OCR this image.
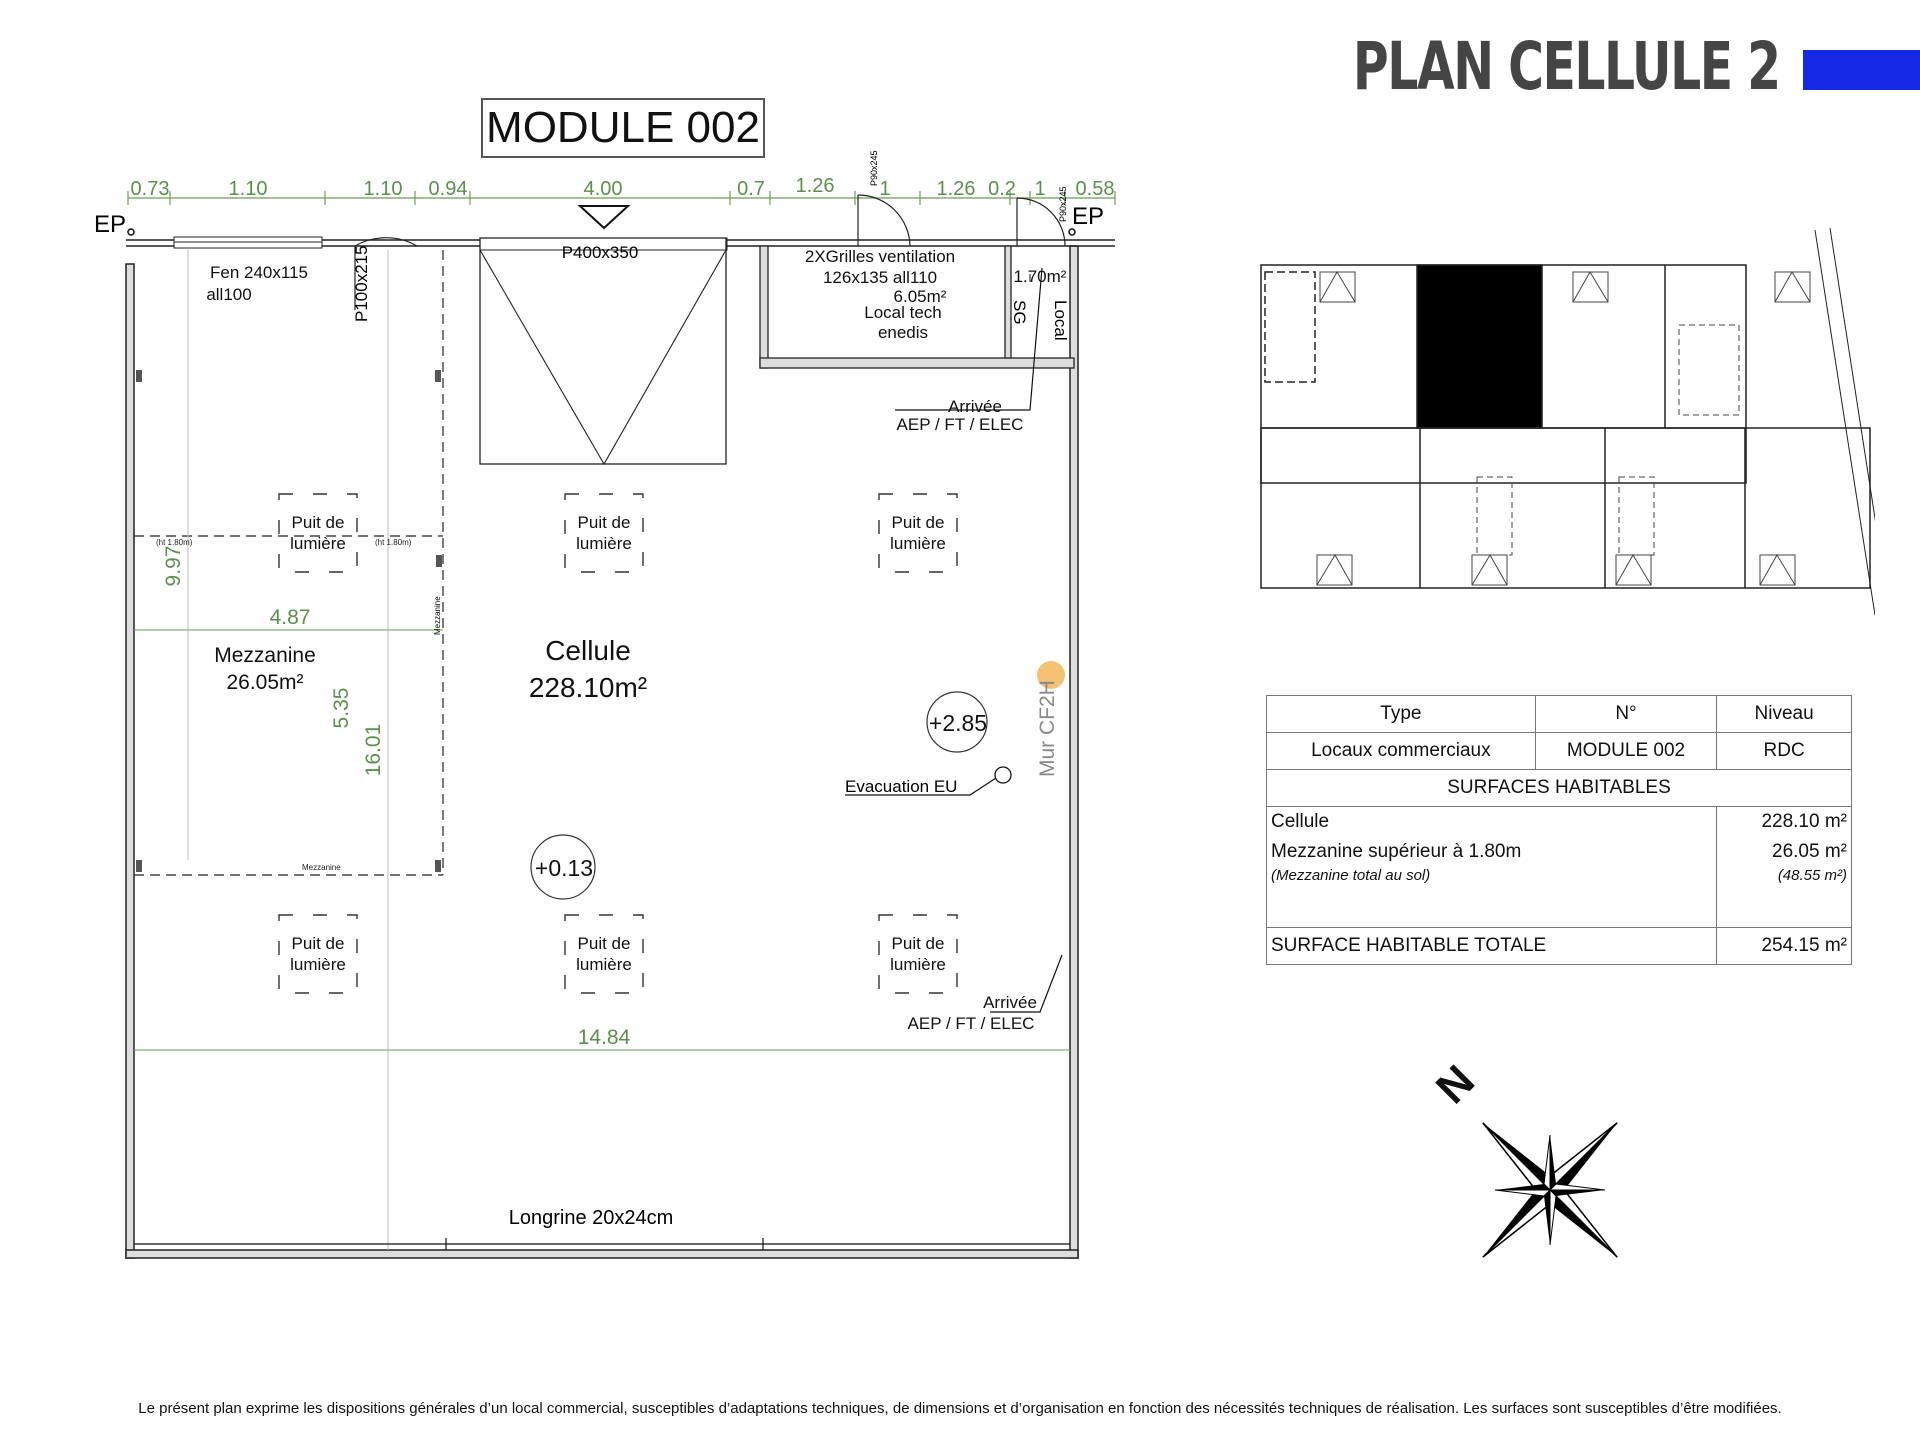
PLAN CELLULE 2
MODULE 002
0.73	1.10	1.10 0.94	4.00	0.7 1.26 1 1.26 0.2 1 0.58
EP	EP
P400x350
Fen 240x115
all100
2XGrilles ventilation
126x135 all110
6.05m²
Local tech
enedis
1.70m²
Arrivée
AEP / FT / ELEC
Local
SG
P100x215
P90x245
P90x245
(ht 1.80m)	(ht 1.80m)
Mezzanine
Mezzanine
4.87
14.84
9.97
5.35
16.01
Puit de
lumière
Puit de
lumière
Puit de
lumière
Puit de
lumière
Puit de
lumière
Puit de
lumière
Mezzanine
26.05m²
Cellule
228.10m²
+2.85
+0.13
Mur CF2H
Evacuation EU
Arrivée
AEP / FT / ELEC
Longrine 20x24cm
Type	N°	Niveau
Locaux commerciaux	MODULE 002	RDC
SURFACES HABITABLES		
Cellule		228.10 m²
Mezzanine supérieur à 1.80m		26.05 m²
(Mezzanine total au sol)		(48.55 m²)
SURFACE HABITABLE TOTALE		254.15 m²
N
Le présent plan exprime les dispositions générales d’un local commercial, susceptibles d’adaptations techniques, de dimensions et d’organisation en fonction des nécessités techniques de réalisation. Les surfaces sont susceptibles d’être modifiées.
